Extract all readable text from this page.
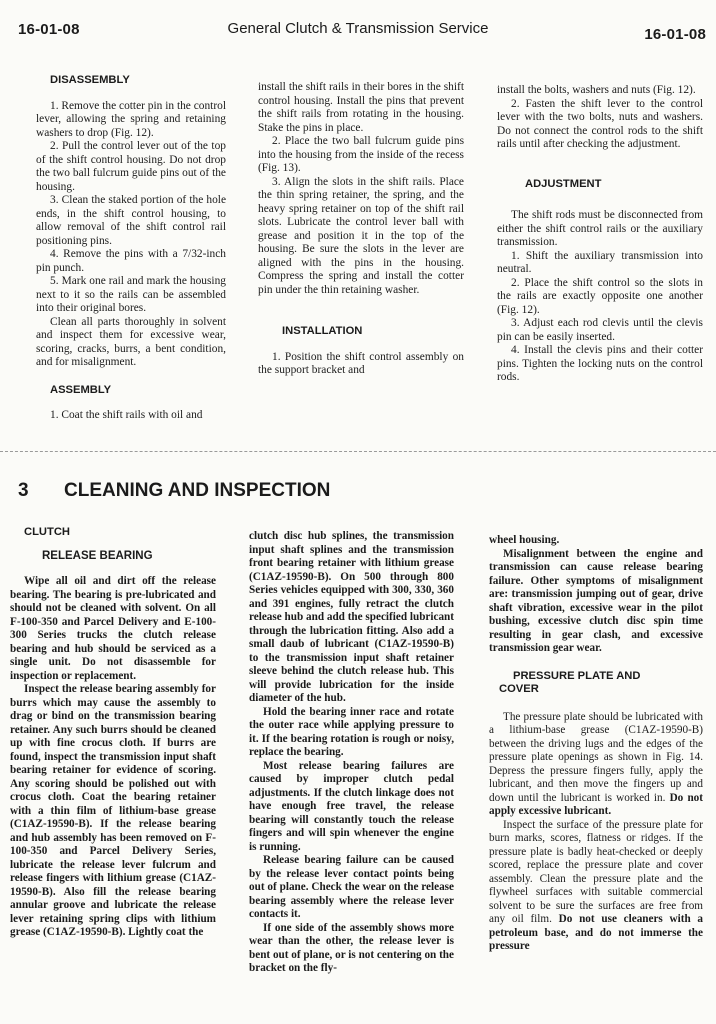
16-01-08	General Clutch & Transmission Service	16-01-08

DISASSEMBLY

1. Remove the cotter pin in the control lever, allowing the spring and retaining washers to drop (Fig. 12).

2. Pull the control lever out of the top of the shift control housing. Do not drop the two ball fulcrum guide pins out of the housing.

3. Clean the staked portion of the hole ends, in the shift control housing, to allow removal of the shift control rail positioning pins.

4. Remove the pins with a 7/32-inch pin punch.

5. Mark one rail and mark the housing next to it so the rails can be assembled into their original bores.

Clean all parts thoroughly in solvent and inspect them for excessive wear, scoring, cracks, burrs, a bent condition, and for misalignment.

ASSEMBLY

1. Coat the shift rails with oil and

install the shift rails in their bores in the shift control housing. Install the pins that prevent the shift rails from rotating in the housing. Stake the pins in place.

2. Place the two ball fulcrum guide pins into the housing from the inside of the recess (Fig. 13).

3. Align the slots in the shift rails. Place the thin spring retainer, the spring, and the heavy spring retainer on top of the shift rail slots. Lubricate the control lever ball with grease and position it in the top of the housing. Be sure the slots in the lever are aligned with the pins in the housing. Compress the spring and install the cotter pin under the thin retaining washer.

INSTALLATION

1. Position the shift control assembly on the support bracket and

install the bolts, washers and nuts (Fig. 12).

2. Fasten the shift lever to the control lever with the two bolts, nuts and washers. Do not connect the control rods to the shift rails until after checking the adjustment.

ADJUSTMENT

The shift rods must be disconnected from either the shift control rails or the auxiliary transmission.

1. Shift the auxiliary transmission into neutral.

2. Place the shift control so the slots in the rails are exactly opposite one another (Fig. 12).

3. Adjust each rod clevis until the clevis pin can be easily inserted.

4. Install the clevis pins and their cotter pins. Tighten the locking nuts on the control rods.

3 CLEANING AND INSPECTION

CLUTCH

RELEASE BEARING

Wipe all oil and dirt off the release bearing. The bearing is pre-lubricated and should not be cleaned with solvent. On all F-100-350 and Parcel Delivery and E-100-300 Series trucks the clutch release bearing and hub should be serviced as a single unit. Do not disassemble for inspection or replacement.

Inspect the release bearing assembly for burrs which may cause the assembly to drag or bind on the transmission bearing retainer. Any such burrs should be cleaned up with fine crocus cloth. If burrs are found, inspect the transmission input shaft bearing retainer for evidence of scoring. Any scoring should be polished out with crocus cloth. Coat the bearing retainer with a thin film of lithium-base grease (C1AZ-19590-B). If the release bearing and hub assembly has been removed on F-100-350 and Parcel Delivery Series, lubricate the release lever fulcrum and release fingers with lithium grease (C1AZ-19590-B). Also fill the release bearing annular groove and lubricate the release lever retaining spring clips with lithium grease (C1AZ-19590-B). Lightly coat the

clutch disc hub splines, the transmission input shaft splines and the transmission front bearing retainer with lithium grease (C1AZ-19590-B). On 500 through 800 Series vehicles equipped with 300, 330, 360 and 391 engines, fully retract the clutch release hub and add the specified lubricant through the lubrication fitting. Also add a small daub of lubricant (C1AZ-19590-B) to the transmission input shaft retainer sleeve behind the clutch release hub. This will provide lubrication for the inside diameter of the hub.

Hold the bearing inner race and rotate the outer race while applying pressure to it. If the bearing rotation is rough or noisy, replace the bearing.

Most release bearing failures are caused by improper clutch pedal adjustments. If the clutch linkage does not have enough free travel, the release bearing will constantly touch the release fingers and will spin whenever the engine is running.

Release bearing failure can be caused by the release lever contact points being out of plane. Check the wear on the release bearing assembly where the release lever contacts it.

If one side of the assembly shows more wear than the other, the release lever is bent out of plane, or is not centering on the bracket on the fly-

wheel housing.

Misalignment between the engine and transmission can cause release bearing failure. Other symptoms of misalignment are: transmission jumping out of gear, drive shaft vibration, excessive wear in the pilot bushing, excessive clutch disc spin time resulting in gear clash, and excessive transmission gear wear.

PRESSURE PLATE AND COVER

The pressure plate should be lubricated with a lithium-base grease (C1AZ-19590-B) between the driving lugs and the edges of the pressure plate openings as shown in Fig. 14. Depress the pressure fingers fully, apply the lubricant, and then move the fingers up and down until the lubricant is worked in. Do not apply excessive lubricant.

Inspect the surface of the pressure plate for burn marks, scores, flatness or ridges. If the pressure plate is badly heat-checked or deeply scored, replace the pressure plate and cover assembly. Clean the pressure plate and the flywheel surfaces with suitable commercial solvent to be sure the surfaces are free from any oil film. Do not use cleaners with a petroleum base, and do not immerse the pressure
